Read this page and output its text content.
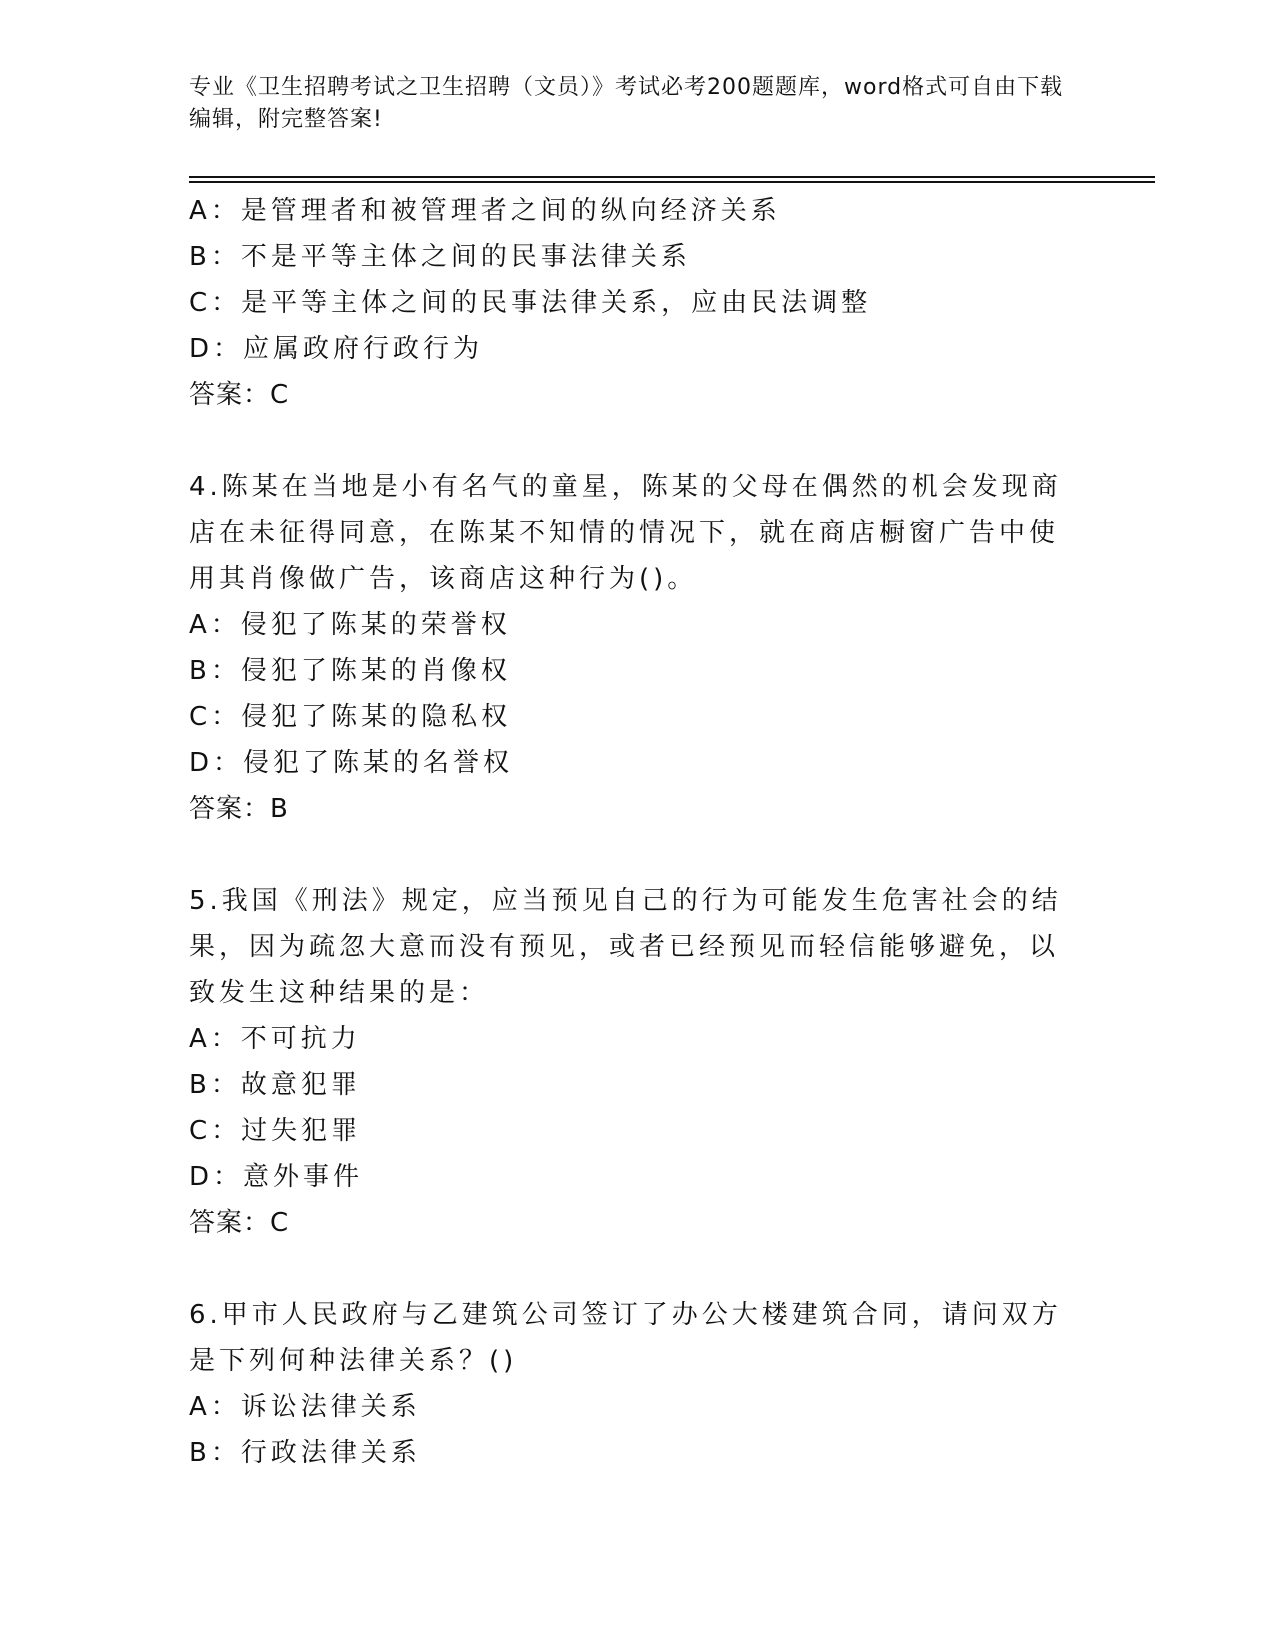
专业《卫生招聘考试之卫生招聘（文员）》考试必考200题题库，word格式可自由下载编辑，附完整答案!
A：是管理者和被管理者之间的纵向经济关系
B：不是平等主体之间的民事法律关系
C：是平等主体之间的民事法律关系，应由民法调整
D：应属政府行政行为
答案：C
4.陈某在当地是小有名气的童星，陈某的父母在偶然的机会发现商店在未征得同意，在陈某不知情的情况下，就在商店橱窗广告中使用其肖像做广告，该商店这种行为()。
A：侵犯了陈某的荣誉权
B：侵犯了陈某的肖像权
C：侵犯了陈某的隐私权
D：侵犯了陈某的名誉权
答案：B
5.我国《刑法》规定，应当预见自己的行为可能发生危害社会的结果，因为疏忽大意而没有预见，或者已经预见而轻信能够避免，以致发生这种结果的是：
A：不可抗力
B：故意犯罪
C：过失犯罪
D：意外事件
答案：C
6.甲市人民政府与乙建筑公司签订了办公大楼建筑合同，请问双方是下列何种法律关系？()
A：诉讼法律关系
B：行政法律关系
